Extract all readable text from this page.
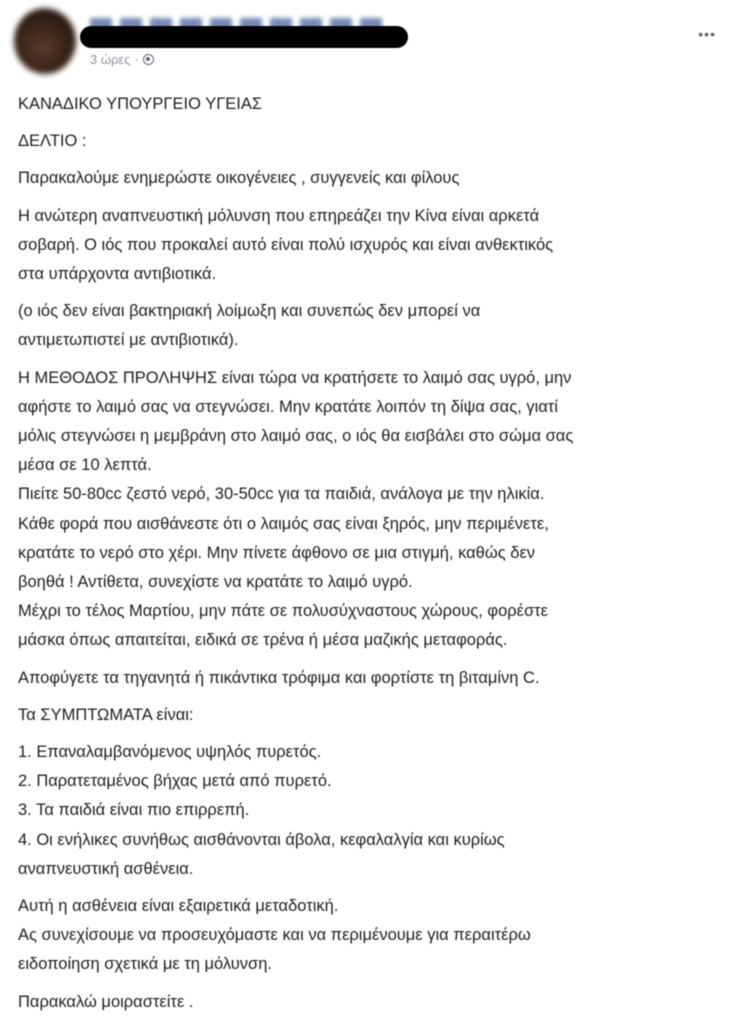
3 ώρες ·
•••
ΚΑΝΑΔΙΚΟ ΥΠΟΥΡΓΕΙΟ ΥΓΕΙΑΣ
ΔΕΛΤΙΟ :
Παρακαλούμε ενημερώστε οικογένειες , συγγενείς και φίλους
Η ανώτερη αναπνευστική μόλυνση που επηρεάζει την Κίνα είναι αρκετά
σοβαρή. Ο ιός που προκαλεί αυτό είναι πολύ ισχυρός και είναι ανθεκτικός
στα υπάρχοντα αντιβιοτικά.
(ο ιός δεν είναι βακτηριακή λοίμωξη και συνεπώς δεν μπορεί να
αντιμετωπιστεί με αντιβιοτικά).
Η ΜΕΘΟΔΟΣ ΠΡΟΛΗΨΗΣ είναι τώρα να κρατήσετε το λαιμό σας υγρό, μην
αφήστε το λαιμό σας να στεγνώσει. Μην κρατάτε λοιπόν τη δίψα σας, γιατί
μόλις στεγνώσει η μεμβράνη στο λαιμό σας, ο ιός θα εισβάλει στο σώμα σας
μέσα σε 10 λεπτά.
Πιείτε 50-80cc ζεστό νερό, 30-50cc για τα παιδιά, ανάλογα με την ηλικία.
Κάθε φορά που αισθάνεστε ότι ο λαιμός σας είναι ξηρός, μην περιμένετε,
κρατάτε το νερό στο χέρι. Μην πίνετε άφθονο σε μια στιγμή, καθώς δεν
βοηθά ! Αντίθετα, συνεχίστε να κρατάτε το λαιμό υγρό.
Μέχρι το τέλος Μαρτίου, μην πάτε σε πολυσύχναστους χώρους, φορέστε
μάσκα όπως απαιτείται, ειδικά σε τρένα ή μέσα μαζικής μεταφοράς.
Αποφύγετε τα τηγανητά ή πικάντικα τρόφιμα και φορτίστε τη βιταμίνη C.
Τα ΣΥΜΠΤΩΜΑΤΑ είναι:
1. Επαναλαμβανόμενος υψηλός πυρετός.
2. Παρατεταμένος βήχας μετά από πυρετό.
3. Τα παιδιά είναι πιο επιρρεπή.
4. Οι ενήλικες συνήθως αισθάνονται άβολα, κεφαλαλγία και κυρίως
αναπνευστική ασθένεια.
Αυτή η ασθένεια είναι εξαιρετικά μεταδοτική.
Ας συνεχίσουμε να προσευχόμαστε και να περιμένουμε για περαιτέρω
ειδοποίηση σχετικά με τη μόλυνση.
Παρακαλώ μοιραστείτε .
